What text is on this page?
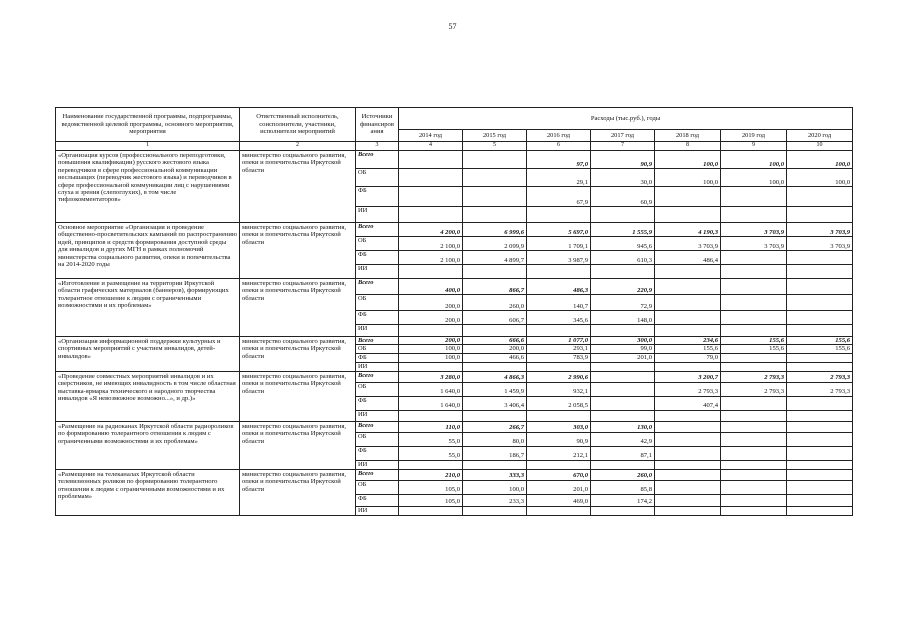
57
Наименование государственной программы, подпрограммы, ведомственной целевой программы, основного мероприятия, мероприятия	Ответственный исполнитель, соисполнители, участники, исполнители мероприятий	Источники финансиров ания	Расходы (тыс.руб.), годы						
			2014 год	2015 год	2016 год	2017 год	2018 год	2019 год	2020 год
1	2	3	4	5	6	7	8	9	10
«Организация курсов (профессионального переподготовки, повышения квалификации) русского жестового языка переводчиков в сфере профессиональной коммуникации неслышащих (переводчик жестового языка) и переводчиков в сфере профессиональной коммуникации лиц с нарушениями слуха и зрения (слепоглухих), в том числе тифлокомментаторов»	министерство социального развития, опеки и попечительства Иркутской области	Всего			97,0	90,9	100,0	100,0	100,0
		ОБ			29,1	30,0	100,0	100,0	100,0
		ФБ			67,9	60,9			
		ИИ							
Основное мероприятие «Организация и проведение общественно-просветительских кампаний по распространению идей, принципов и средств формирования доступной среды для инвалидов и других МГН в рамках полномочий министерства социального развития, опеки и попечительства на 2014-2020 годы	министерство социального развития, опеки и попечительства Иркутской области	Всего	4 200,0	6 999,6	5 697,0	1 555,9	4 190,3	3 703,9	3 703,9
		ОБ	2 100,0	2 099,9	1 709,1	945,6	3 703,9	3 703,9	3 703,9
		ФБ	2 100,0	4 899,7	3 987,9	610,3	486,4		
		ИИ							
«Изготовление и размещение на территории Иркутской области графических материалов (баннеров), формирующих толерантное отношение к людям с ограниченными возможностями и их проблемам»	министерство социального развития, опеки и попечительства Иркутской области	Всего	400,0	866,7	486,3	220,9			
		ОБ	200,0	260,0	140,7	72,9			
		ФБ	200,0	606,7	345,6	148,0			
		ИИ							
«Организация информационной поддержки культурных и спортивных мероприятий с участием инвалидов, детей-инвалидов»	министерство социального развития, опеки и попечительства Иркутской области	Всего	200,0	666,6	1 077,0	300,0	234,6	155,6	155,6
		ОБ	100,0	200,0	293,1	99,0	155,6	155,6	155,6
		ФБ	100,0	466,6	783,9	201,0	79,0		
		ИИ							
«Проведение совместных мероприятий инвалидов и их сверстников, не имеющих инвалидность в том числе областная выставка-ярмарка технического и народного творчества инвалидов «Я невозможное возможно...», и др.)»	министерство социального развития, опеки и попечительства Иркутской области	Всего	3 280,0	4 866,3	2 990,6		3 200,7	2 793,3	2 793,3
		ОБ	1 640,0	1 459,9	932,1		2 793,3	2 793,3	2 793,3
		ФБ	1 640,0	3 406,4	2 058,5		407,4		
		ИИ							
«Размещение на радиоканах Иркутской области радиороликов по формированию толерантного отношения к людям с ограниченными возможностями и их проблемам»	министерство социального развития, опеки и попечительства Иркутской области	Всего	110,0	266,7	303,0	130,0			
		ОБ	55,0	80,0	90,9	42,9			
		ФБ	55,0	186,7	212,1	87,1			
		ИИ							
«Размещение на телеканалах Иркутской области телевизионных роликов по формированию толерантного отношения к людям с ограниченными возможностями и их проблемам»	министерство социального развития, опеки и попечительства Иркутской области	Всего	210,0	333,3	670,0	260,0			
		ОБ	105,0	100,0	201,0	85,8			
		ФБ	105,0	233,3	469,0	174,2			
		ИИ							
